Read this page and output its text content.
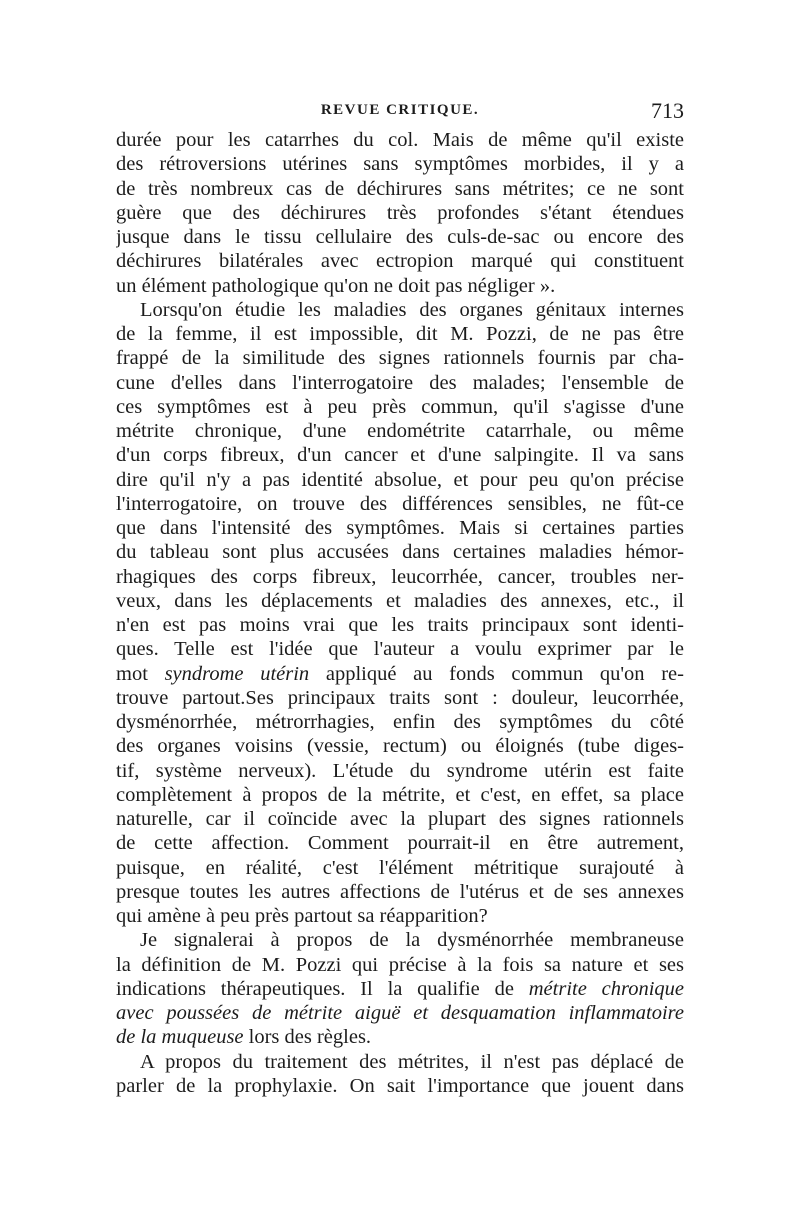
REVUE CRITIQUE.	713
durée pour les catarrhes du col. Mais de même qu'il existe
des rétroversions utérines sans symptômes morbides, il y a
de très nombreux cas de déchirures sans métrites; ce ne sont
guère que des déchirures très profondes s'étant étendues
jusque dans le tissu cellulaire des culs-de-sac ou encore des
déchirures bilatérales avec ectropion marqué qui constituent
un élément pathologique qu'on ne doit pas négliger ».
Lorsqu'on étudie les maladies des organes génitaux internes
de la femme, il est impossible, dit M. Pozzi, de ne pas être
frappé de la similitude des signes rationnels fournis par cha-
cune d'elles dans l'interrogatoire des malades; l'ensemble de
ces symptômes est à peu près commun, qu'il s'agisse d'une
métrite chronique, d'une endométrite catarrhale, ou même
d'un corps fibreux, d'un cancer et d'une salpingite. Il va sans
dire qu'il n'y a pas identité absolue, et pour peu qu'on précise
l'interrogatoire, on trouve des différences sensibles, ne fût-ce
que dans l'intensité des symptômes. Mais si certaines parties
du tableau sont plus accusées dans certaines maladies hémor-
rhagiques des corps fibreux, leucorrhée, cancer, troubles ner-
veux, dans les déplacements et maladies des annexes, etc., il
n'en est pas moins vrai que les traits principaux sont identi-
ques. Telle est l'idée que l'auteur a voulu exprimer par le
mot syndrome utérin appliqué au fonds commun qu'on re-
trouve partout.Ses principaux traits sont : douleur, leucorrhée,
dysménorrhée, métrorrhagies, enfin des symptômes du côté
des organes voisins (vessie, rectum) ou éloignés (tube diges-
tif, système nerveux). L'étude du syndrome utérin est faite
complètement à propos de la métrite, et c'est, en effet, sa place
naturelle, car il coïncide avec la plupart des signes rationnels
de cette affection. Comment pourrait-il en être autrement,
puisque, en réalité, c'est l'élément métritique surajouté à
presque toutes les autres affections de l'utérus et de ses annexes
qui amène à peu près partout sa réapparition?
Je signalerai à propos de la dysménorrhée membraneuse
la définition de M. Pozzi qui précise à la fois sa nature et ses
indications thérapeutiques. Il la qualifie de métrite chronique
avec poussées de métrite aiguë et desquamation inflammatoire
de la muqueuse lors des règles.
A propos du traitement des métrites, il n'est pas déplacé de
parler de la prophylaxie. On sait l'importance que jouent dans
